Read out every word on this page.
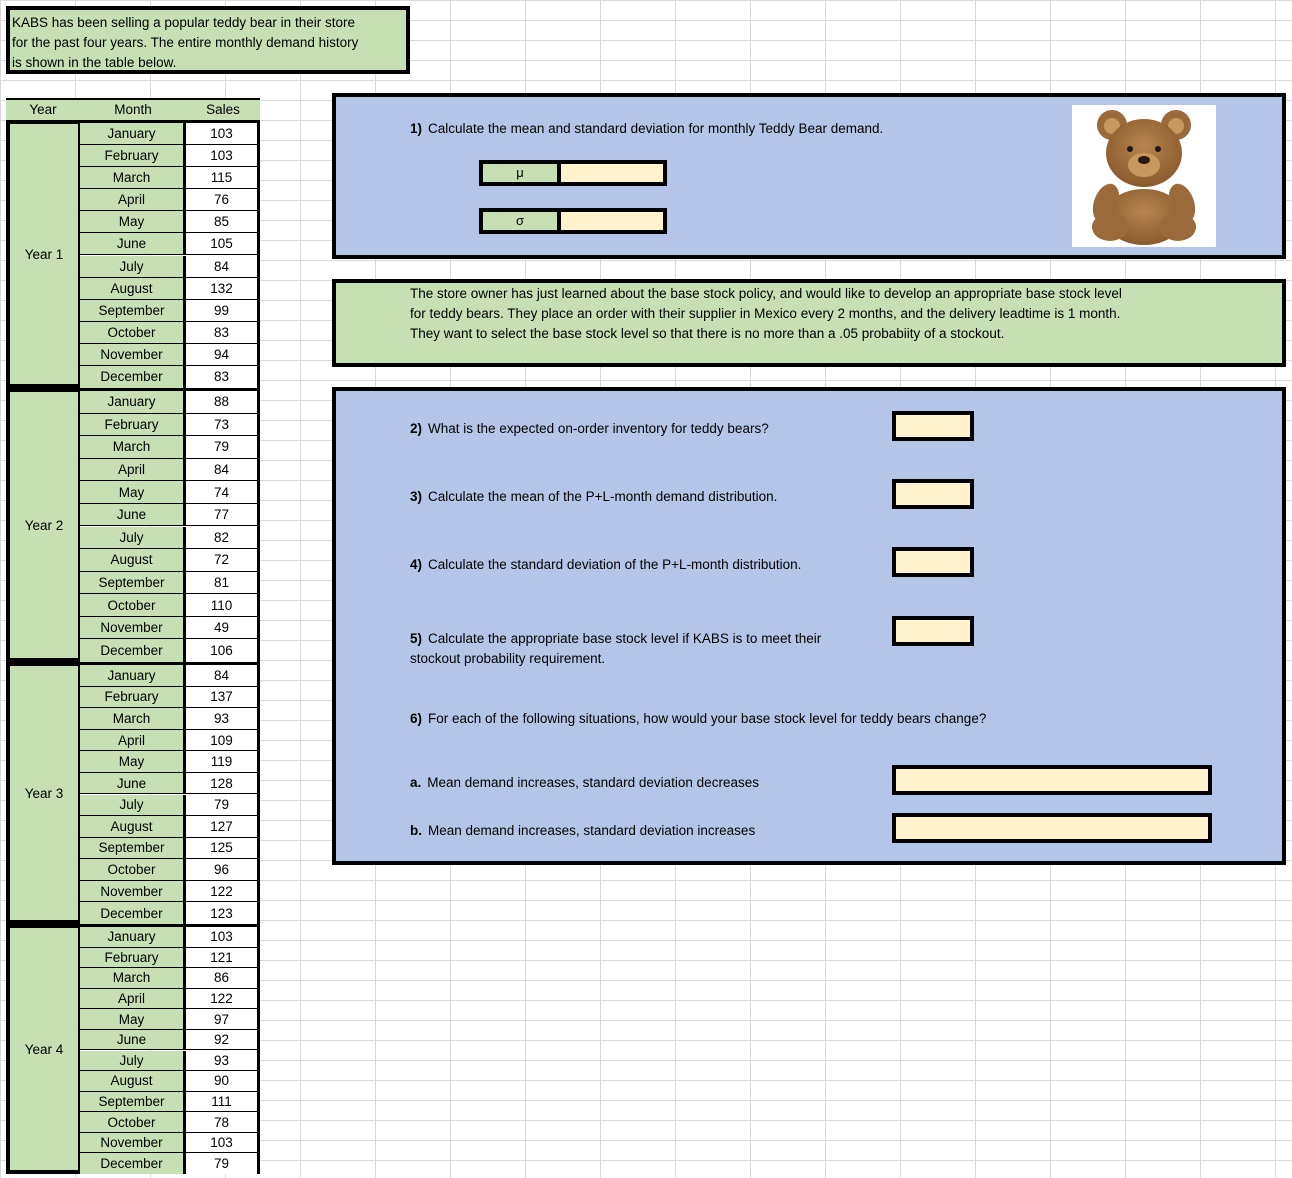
KABS has been selling a popular teddy bear in their store
for the past four years. The entire monthly demand history
is shown in the table below.
Year	Month	Sales
Year 1
January	103
February	103
March	115
April	76
May	85
June	105
July	84
August	132
September	99
October	83
November	94
December	83
Year 2
January	88
February	73
March	79
April	84
May	74
June	77
July	82
August	72
September	81
October	110
November	49
December	106
Year 3
January	84
February	137
March	93
April	109
May	119
June	128
July	79
August	127
September	125
October	96
November	122
December	123
Year 4
January	103
February	121
March	86
April	122
May	97
June	92
July	93
August	90
September	111
October	78
November	103
December	79
1) Calculate the mean and standard deviation for monthly Teddy Bear demand.
μ
σ
The store owner has just learned about the base stock policy, and would like to develop an appropriate base stock level
for teddy bears. They place an order with their supplier in Mexico every 2 months, and the delivery leadtime is 1 month.
They want to select the base stock level so that there is no more than a .05 probabiity of a stockout.
2) What is the expected on-order inventory for teddy bears?
3) Calculate the mean of the P+L-month demand distribution.
4) Calculate the standard deviation of the P+L-month distribution.
5) Calculate the appropriate base stock level if KABS is to meet their
stockout probability requirement.
6) For each of the following situations, how would your base stock level for teddy bears change?
a. Mean demand increases, standard deviation decreases
b. Mean demand increases, standard deviation increases
